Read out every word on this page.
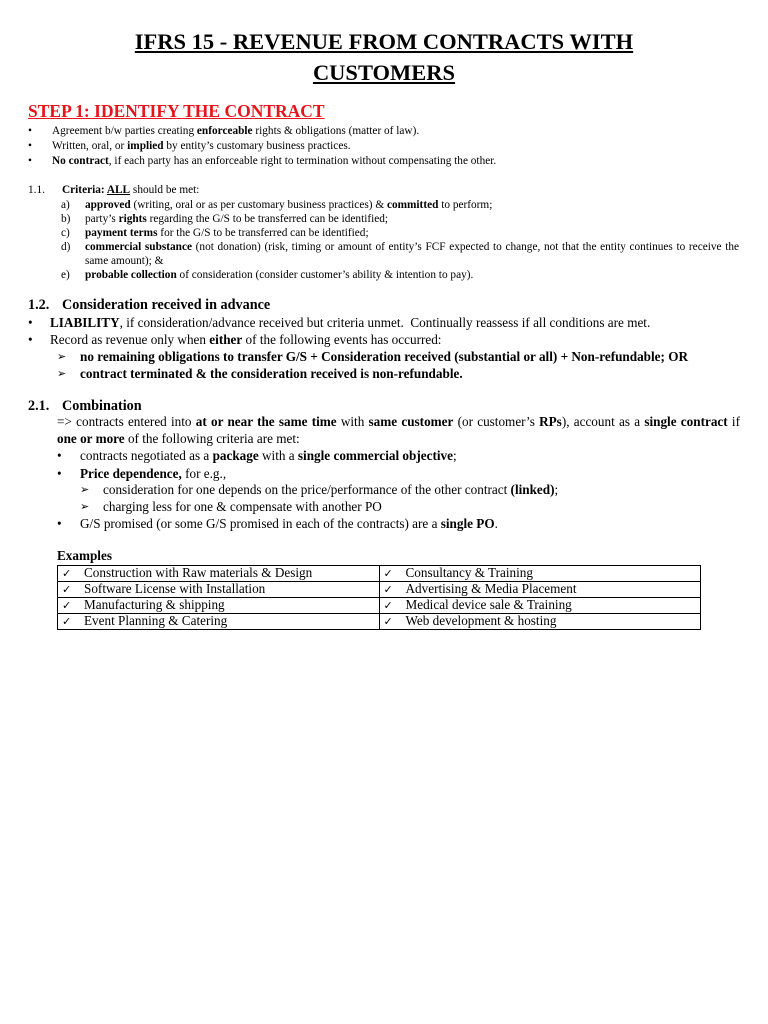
IFRS 15 - REVENUE FROM CONTRACTS WITH
CUSTOMERS
STEP 1: IDENTIFY THE CONTRACT
• Agreement b/w parties creating enforceable rights & obligations (matter of law).
• Written, oral, or implied by entity’s customary business practices.
• No contract, if each party has an enforceable right to termination without compensating the other.
1.1. Criteria: ALL should be met:
a) approved (writing, oral or as per customary business practices) & committed to perform;
b) party’s rights regarding the G/S to be transferred can be identified;
c) payment terms for the G/S to be transferred can be identified;
d) commercial substance (not donation) (risk, timing or amount of entity’s FCF expected to change, not that the entity continues to receive the same amount); &
e) probable collection of consideration (consider customer’s ability & intention to pay).
1.2. Consideration received in advance
• LIABILITY, if consideration/advance received but criteria unmet.  Continually reassess if all conditions are met.
• Record as revenue only when either of the following events has occurred:
➢ no remaining obligations to transfer G/S + Consideration received (substantial or all) + Non-refundable; OR
➢ contract terminated & the consideration received is non-refundable.
2.1. Combination
=> contracts entered into at or near the same time with same customer (or customer’s RPs), account as a single contract if one or more of the following criteria are met:
• contracts negotiated as a package with a single commercial objective;
• Price dependence, for e.g.,
➢ consideration for one depends on the price/performance of the other contract (linked);
➢ charging less for one & compensate with another PO
• G/S promised (or some G/S promised in each of the contracts) are a single PO.
Examples
✓ Construction with Raw materials & Design	✓ Consultancy & Training
✓ Software License with Installation	✓ Advertising & Media Placement
✓ Manufacturing & shipping	✓ Medical device sale & Training
✓ Event Planning & Catering	✓ Web development & hosting
